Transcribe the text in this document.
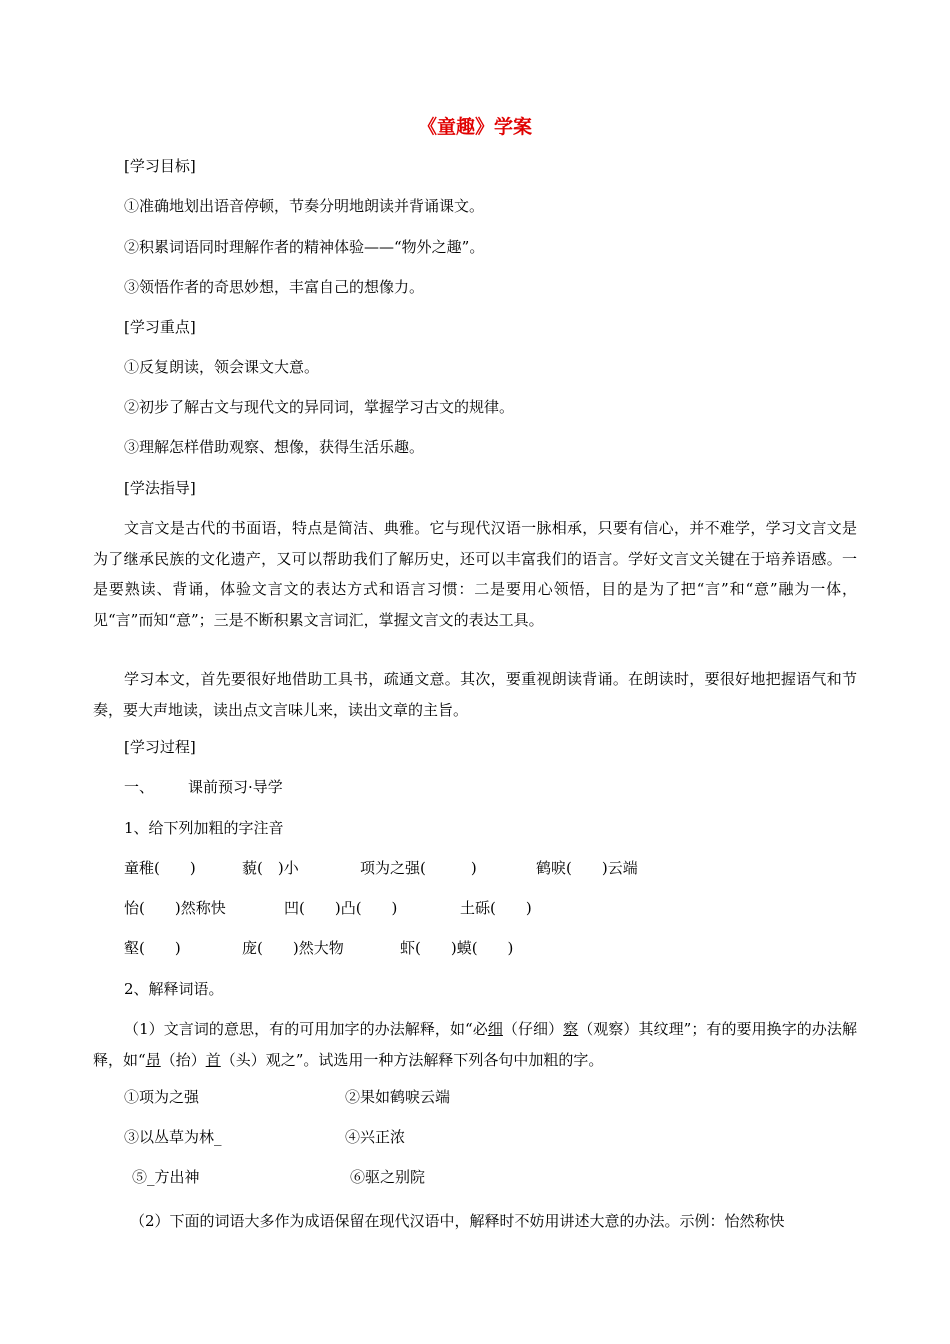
《童趣》学案
[学习目标]
①准确地划出语音停顿，节奏分明地朗读并背诵课文。
②积累词语同时理解作者的精神体验——“物外之趣”。
③领悟作者的奇思妙想，丰富自己的想像力。
[学习重点]
①反复朗读，领会课文大意。
②初步了解古文与现代文的异同词，掌握学习古文的规律。
③理解怎样借助观察、想像，获得生活乐趣。
[学法指导]
文言文是古代的书面语，特点是简洁、典雅。它与现代汉语一脉相承，只要有信心，并不难学，学习文言文是为了继承民族的文化遗产，又可以帮助我们了解历史，还可以丰富我们的语言。学好文言文关键在于培养语感。一是要熟读、背诵，体验文言文的表达方式和语言习惯：二是要用心领悟，目的是为了把“言”和“意”融为一体，见“言”而知“意”；三是不断积累文言词汇，掌握文言文的表达工具。
学习本文，首先要很好地借助工具书，疏通文意。其次，要重视朗读背诵。在朗读时，要很好地把握语气和节奏，要大声地读，读出点文言味儿来，读出文章的主旨。
[学习过程]
一、 课前预习·导学
1、给下列加粗的字注音
童稚(　　)	藐(　)小	项为之强(　　　)	鹤唳(　　)云端
怡(　　)然称快	凹(　　)凸(　　)	土砾(　　)
壑(　　)	庞(　　)然大物	虾(　　)蟆(　　)
2、解释词语。
（1）文言词的意思，有的可用加字的办法解释，如“必细（仔细）察（观察）其纹理”；有的要用换字的办法解释，如“昂（抬）首（头）观之”。试选用一种方法解释下列各句中加粗的字。
①项为之强	②果如鹤唳云端
③以丛草为林_	④兴正浓
⑤_方出神	⑥驱之别院
（2）下面的词语大多作为成语保留在现代汉语中，解释时不妨用讲述大意的办法。示例：怡然称快
